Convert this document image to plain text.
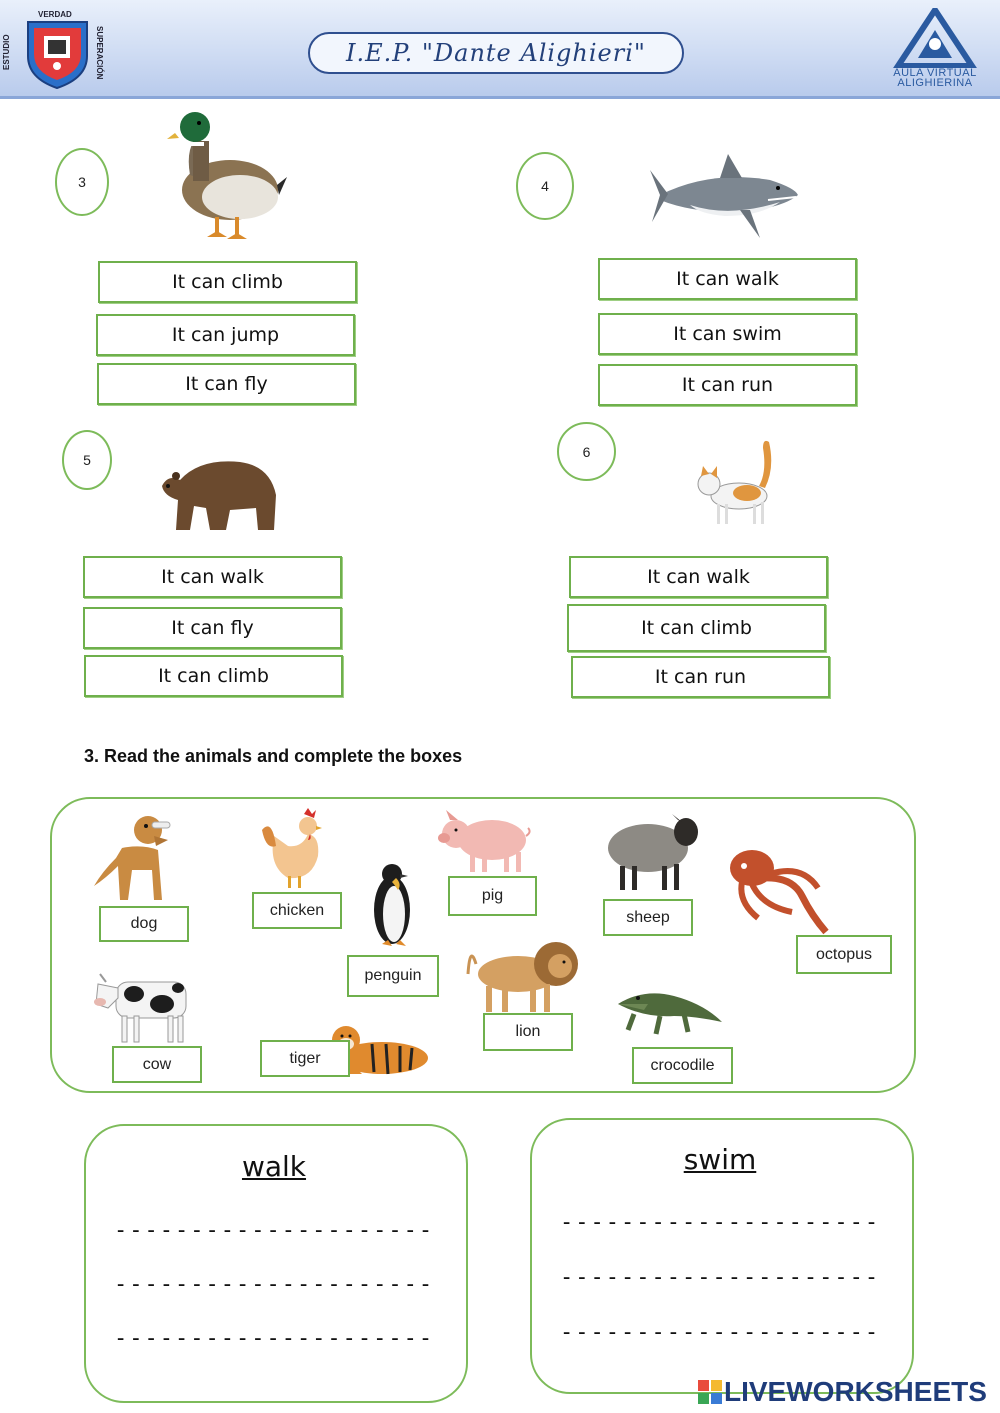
VERDAD
ESTUDIO	SUPERACIÓN	I.E.P. "Dante Alighieri"
AULA VIRTUAL
ALIGHIERINA
3
It can climb
It can jump
It can fly
4
It can walk
It can swim
It can run
5
It can walk
It can fly
It can climb
6
It can walk
It can climb
It can run
3. Read the animals and complete the boxes
dog
chicken
pig
sheep
octopus
penguin
lion
cow	tiger	crocodile
walk
---------------------
---------------------
---------------------
swim
---------------------
---------------------
---------------------
LIVEWORKSHEETS
